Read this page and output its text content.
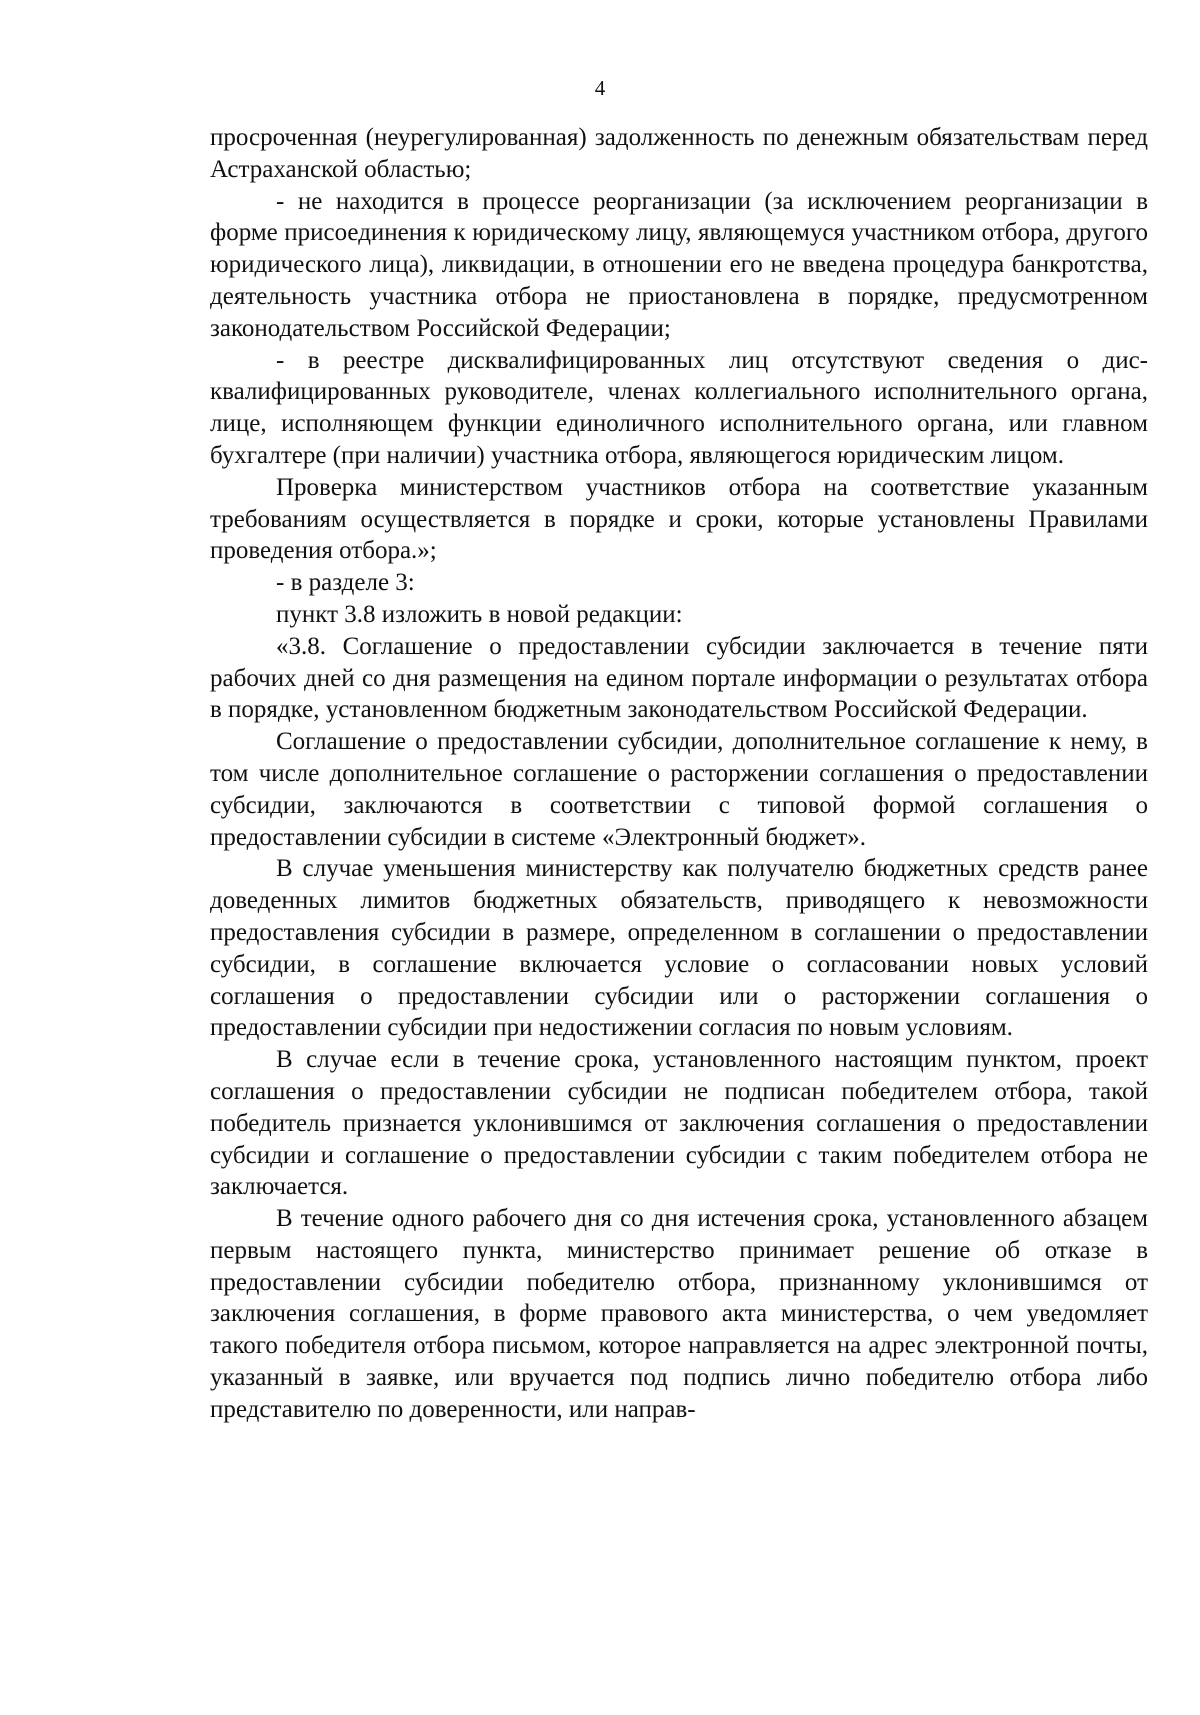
4

просроченная (неурегулированная) задолженность по денежным обязательствам перед Астраханской областью;

- не находится в процессе реорганизации (за исключением реорганизации в форме присоединения к юридическому лицу, являющемуся участником отбора, другого юридического лица), ликвидации, в отношении его не введена процедура банкротства, деятельность участника отбора не приостановлена в порядке, предусмотренном законодательством Российской Федерации;

- в реестре дисквалифицированных лиц отсутствуют сведения о дисквалифицированных руководителе, членах коллегиального исполнительного органа, лице, исполняющем функции единоличного исполнительного органа, или главном бухгалтере (при наличии) участника отбора, являющегося юридическим лицом.

Проверка министерством участников отбора на соответствие указанным требованиям осуществляется в порядке и сроки, которые установлены Правилами проведения отбора.»;

- в разделе 3:

пункт 3.8 изложить в новой редакции:

«3.8. Соглашение о предоставлении субсидии заключается в течение пяти рабочих дней со дня размещения на едином портале информации о результатах отбора в порядке, установленном бюджетным законодательством Российской Федерации.

Соглашение о предоставлении субсидии, дополнительное соглашение к нему, в том числе дополнительное соглашение о расторжении соглашения о предоставлении субсидии, заключаются в соответствии с типовой формой соглашения о предоставлении субсидии в системе «Электронный бюджет».

В случае уменьшения министерству как получателю бюджетных средств ранее доведенных лимитов бюджетных обязательств, приводящего к невозможности предоставления субсидии в размере, определенном в соглашении о предоставлении субсидии, в соглашение включается условие о согласовании новых условий соглашения о предоставлении субсидии или о расторжении соглашения о предоставлении субсидии при недостижении согласия по новым условиям.

В случае если в течение срока, установленного настоящим пунктом, проект соглашения о предоставлении субсидии не подписан победителем отбора, такой победитель признается уклонившимся от заключения соглашения о предоставлении субсидии и соглашение о предоставлении субсидии с таким победителем отбора не заключается.

В течение одного рабочего дня со дня истечения срока, установленного абзацем первым настоящего пункта, министерство принимает решение об отказе в предоставлении субсидии победителю отбора, признанному уклонившимся от заключения соглашения, в форме правового акта министерства, о чем уведомляет такого победителя отбора письмом, которое направляется на адрес электронной почты, указанный в заявке, или вручается под подпись лично победителю отбора либо представителю по доверенности, или направ-
